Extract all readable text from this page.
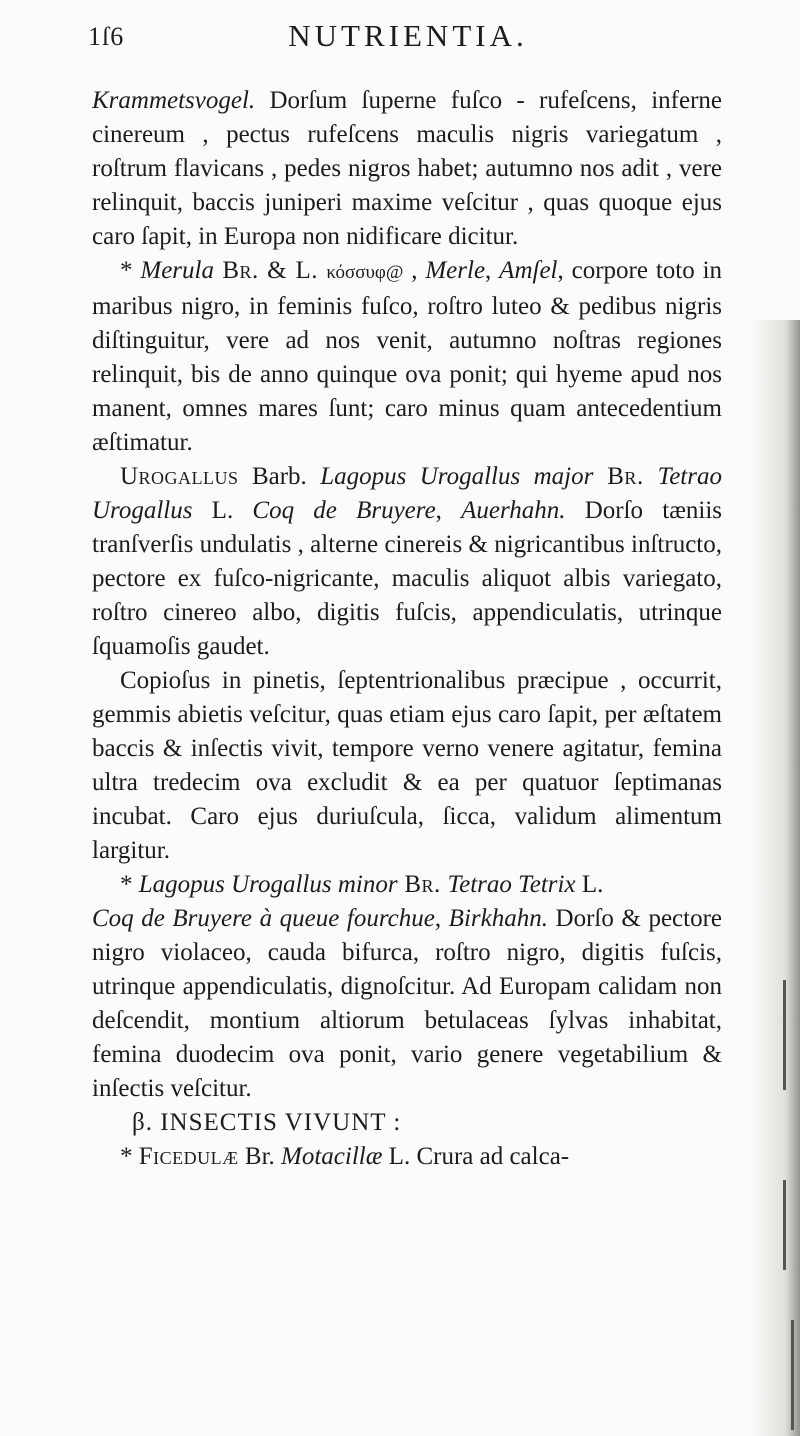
1ſ6	NUTRIENTIA.

Krammetsvogel. Dorſum ſuperne fuſco - rufeſcens, inferne cinereum , pectus rufeſcens maculis nigris variegatum , roſtrum flavicans , pedes nigros habet; autumno nos adit , vere relinquit, baccis juniperi maxime veſcitur , quas quoque ejus caro ſapit, in Europa non nidificare dicitur.

* Merula Br. & L. κόσσυφ@ , Merle, Amſel, corpore toto in maribus nigro, in feminis fuſco, roſtro luteo & pedibus nigris diſtinguitur, vere ad nos venit, autumno noſtras regiones relinquit, bis de anno quinque ova ponit; qui hyeme apud nos manent, omnes mares ſunt; caro minus quam antecedentium æſtimatur.

Urogallus Barb. Lagopus Urogallus major Br. Tetrao Urogallus L. Coq de Bruyere, Auerhahn. Dorſo tæniis tranſverſis undulatis , alterne cinereis & nigricantibus inſtructo, pectore ex fuſco-nigricante, maculis aliquot albis variegato, roſtro cinereo albo, digitis fuſcis, appendiculatis, utrinque ſquamoſis gaudet.

Copioſus in pinetis, ſeptentrionalibus præcipue , occurrit, gemmis abietis veſcitur, quas etiam ejus caro ſapit, per æſtatem baccis & inſectis vivit, tempore verno venere agitatur, femina ultra tredecim ova excludit & ea per quatuor ſeptimanas incubat. Caro ejus duriuſcula, ſicca, validum alimentum largitur.

* Lagopus Urogallus minor Br. Tetrao Tetrix L.
Coq de Bruyere à queue fourchue, Birkhahn. Dorſo & pectore nigro violaceo, cauda bifurca, roſtro nigro, digitis fuſcis, utrinque appendiculatis, dignoſcitur. Ad Europam calidam non deſcendit, montium altiorum betulaceas ſylvas inhabitat, femina duodecim ova ponit, vario genere vegetabilium & inſectis veſcitur.

β. INSECTIS VIVUNT :

* Ficedulæ Br. Motacillæ L. Crura ad calca-
